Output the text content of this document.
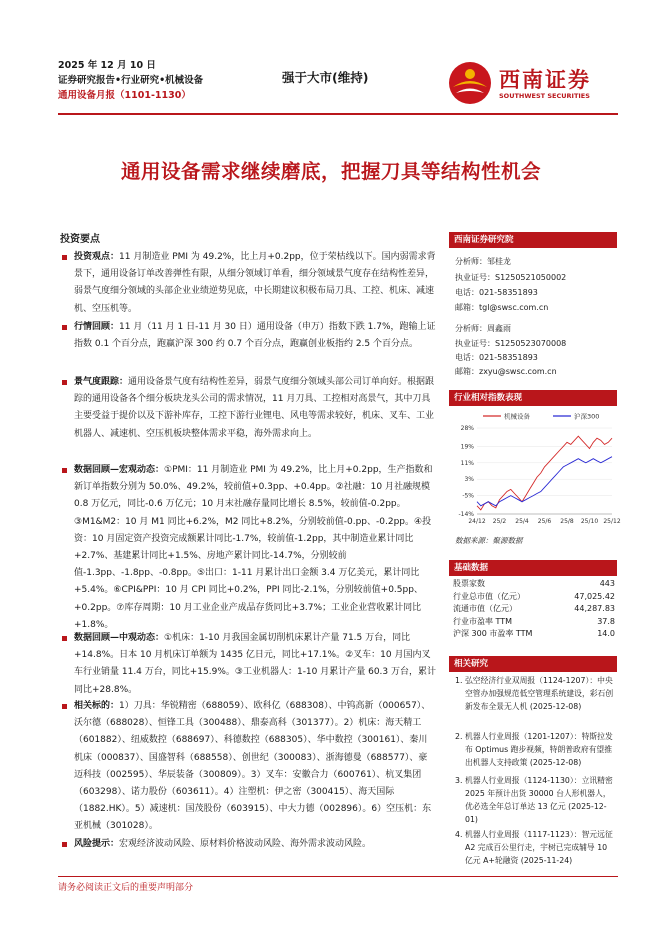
2025 年 12 月 10 日
证券研究报告•行业研究•机械设备
通用设备月报（1101-1130）
强于大市(维持)	西南证券
SOUTHWEST SECURITIES
通用设备需求继续磨底，把握刀具等结构性机会
投资要点
投资观点：11 月制造业 PMI 为 49.2%，比上月+0.2pp，位于荣枯线以下。国内弱需求背景下，通用设备订单改善弹性有限，从细分领域订单看，细分领域景气度存在结构性差异，弱景气度细分领域的头部企业业绩逆势见底，中长期建议积极布局刀具、工控、机床、减速机、空压机等。
行情回顾：11 月（11 月 1 日-11 月 30 日）通用设备（申万）指数下跌 1.7%，跑输上证指数 0.1 个百分点，跑赢沪深 300 约 0.7 个百分点，跑赢创业板指约 2.5 个百分点。
景气度跟踪：通用设备景气度有结构性差异，弱景气度细分领域头部公司订单向好。根据跟踪的通用设备各个细分板块龙头公司的需求情况，11 月刀具、工控相对高景气，其中刀具主要受益于提价以及下游补库存，工控下游行业锂电、风电等需求较好，机床、叉车、工业机器人、减速机、空压机板块整体需求平稳，海外需求向上。
数据回顾—宏观动态：①PMI：11 月制造业 PMI 为 49.2%，比上月+0.2pp，生产指数和新订单指数分别为 50.0%、49.2%，较前值+0.3pp、+0.4pp。②社融：10 月社融规模 0.8 万亿元，同比-0.6 万亿元；10 月末社融存量同比增长 8.5%，较前值-0.2pp。③M1&M2：10 月 M1 同比+6.2%，M2 同比+8.2%，分别较前值-0.pp、-0.2pp。④投资：10 月固定资产投资完成额累计同比-1.7%，较前值-1.2pp，其中制造业累计同比+2.7%、基建累计同比+1.5%、房地产累计同比-14.7%，分别较前值-1.3pp、-1.8pp、-0.8pp。⑤出口：1-11 月累计出口金额 3.4 万亿美元，累计同比+5.4%。⑥CPI&PPI：10 月 CPI 同比+0.2%，PPI 同比-2.1%，分别较前值+0.5pp、+0.2pp。⑦库存周期：10 月工业企业产成品存货同比+3.7%；工业企业营收累计同比+1.8%。
数据回顾—中观动态：①机床：1-10 月我国金属切削机床累计产量 71.5 万台，同比+14.8%。日本 10 月机床订单额为 1435 亿日元，同比+17.1%。②叉车：10 月国内叉车行业销量 11.4 万台，同比+15.9%。③工业机器人：1-10 月累计产量 60.3 万台，累计同比+28.8%。
相关标的：1）刀具：华锐精密（688059）、欧科亿（688308）、中钨高新（000657）、沃尔德（688028）、恒锋工具（300488）、鼎泰高科（301377）。2）机床：海天精工（601882）、纽威数控（688697）、科德数控（688305）、华中数控（300161）、秦川机床（000837）、国盛智科（688558）、创世纪（300083）、浙海德曼（688577）、豪迈科技（002595）、华辰装备（300809）。3）叉车：安徽合力（600761）、杭叉集团（603298）、诺力股份（603611）。4）注塑机：伊之密（300415）、海天国际（1882.HK）。5）减速机：国茂股份（603915）、中大力德（002896）。6）空压机：东亚机械（301028）。
风险提示：宏观经济波动风险、原材料价格波动风险、海外需求波动风险。
西南证券研究院
分析师：邹桂龙
执业证号：S1250521050002
电话：021-58351893
邮箱：tgl@swsc.com.cn
分析师：周鑫雨
执业证号：S1250523070008
电话：021-58351893
邮箱：zxyu@swsc.com.cn
行业相对指数表现
28%
19%
11%
3%
-5%
-14%
24/12 25/2 25/4 25/6 25/8 25/10 25/12
机械设备	沪深300
数据来源：聚源数据
基础数据
股票家数	443
行业总市值（亿元）	47,025.42
流通市值（亿元）	44,287.83
行业市盈率 TTM	37.8
沪深 300 市盈率 TTM	14.0
相关研究
1. 弘空经济行业双周报（1124-1207）：中央空管办加强规范低空管理系统建设，彩石创新发布全景无人机 (2025-12-08)
2. 机器人行业周报（1201-1207）：特斯拉发布 Optimus 跑步视频，特朗普政府有望推出机器人支持政策 (2025-12-08)
3. 机器人行业周报（1124-1130）：立讯精密 2025 年预计出货 30000 台人形机器人，优必选全年总订单达 13 亿元 (2025-12-01)
4. 机器人行业周报（1117-1123）：智元远征 A2 完成百公里行走，宇树已完成辅导 10 亿元 A+轮融资 (2025-11-24)
请务必阅读正文后的重要声明部分
